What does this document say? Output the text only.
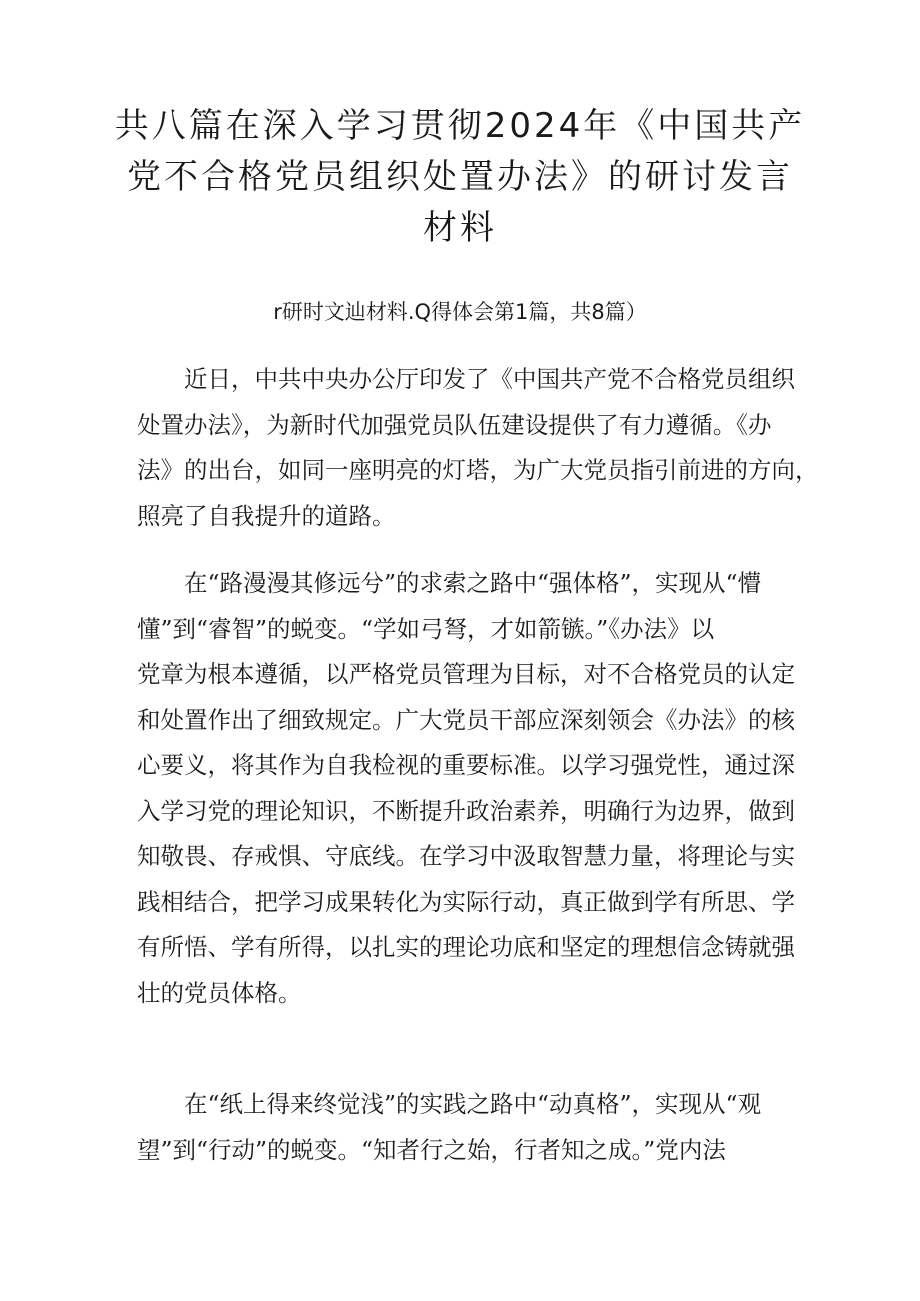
共八篇在深入学习贯彻2024年《中国共产
党不合格党员组织处置办法》的研讨发言
材料

r研时文辿材料.Q得体会第1篇，共8篇）

近日，中共中央办公厅印发了《中国共产党不合格党员组织
处置办法》，为新时代加强党员队伍建设提供了有力遵循。《办
法》的出台，如同一座明亮的灯塔，为广大党员指引前进的方向，
照亮了自我提升的道路。

在“路漫漫其修远兮”的求索之路中“强体格”，实现从“懵
懂”到“睿智”的蜕变。“学如弓弩，才如箭镞。”《办法》以
党章为根本遵循，以严格党员管理为目标，对不合格党员的认定
和处置作出了细致规定。广大党员干部应深刻领会《办法》的核
心要义，将其作为自我检视的重要标准。以学习强党性，通过深
入学习党的理论知识，不断提升政治素养，明确行为边界，做到
知敬畏、存戒惧、守底线。在学习中汲取智慧力量，将理论与实
践相结合，把学习成果转化为实际行动，真正做到学有所思、学
有所悟、学有所得，以扎实的理论功底和坚定的理想信念铸就强
壮的党员体格。

在“纸上得来终觉浅”的实践之路中“动真格”，实现从“观
望”到“行动”的蜕变。“知者行之始，行者知之成。”党内法
